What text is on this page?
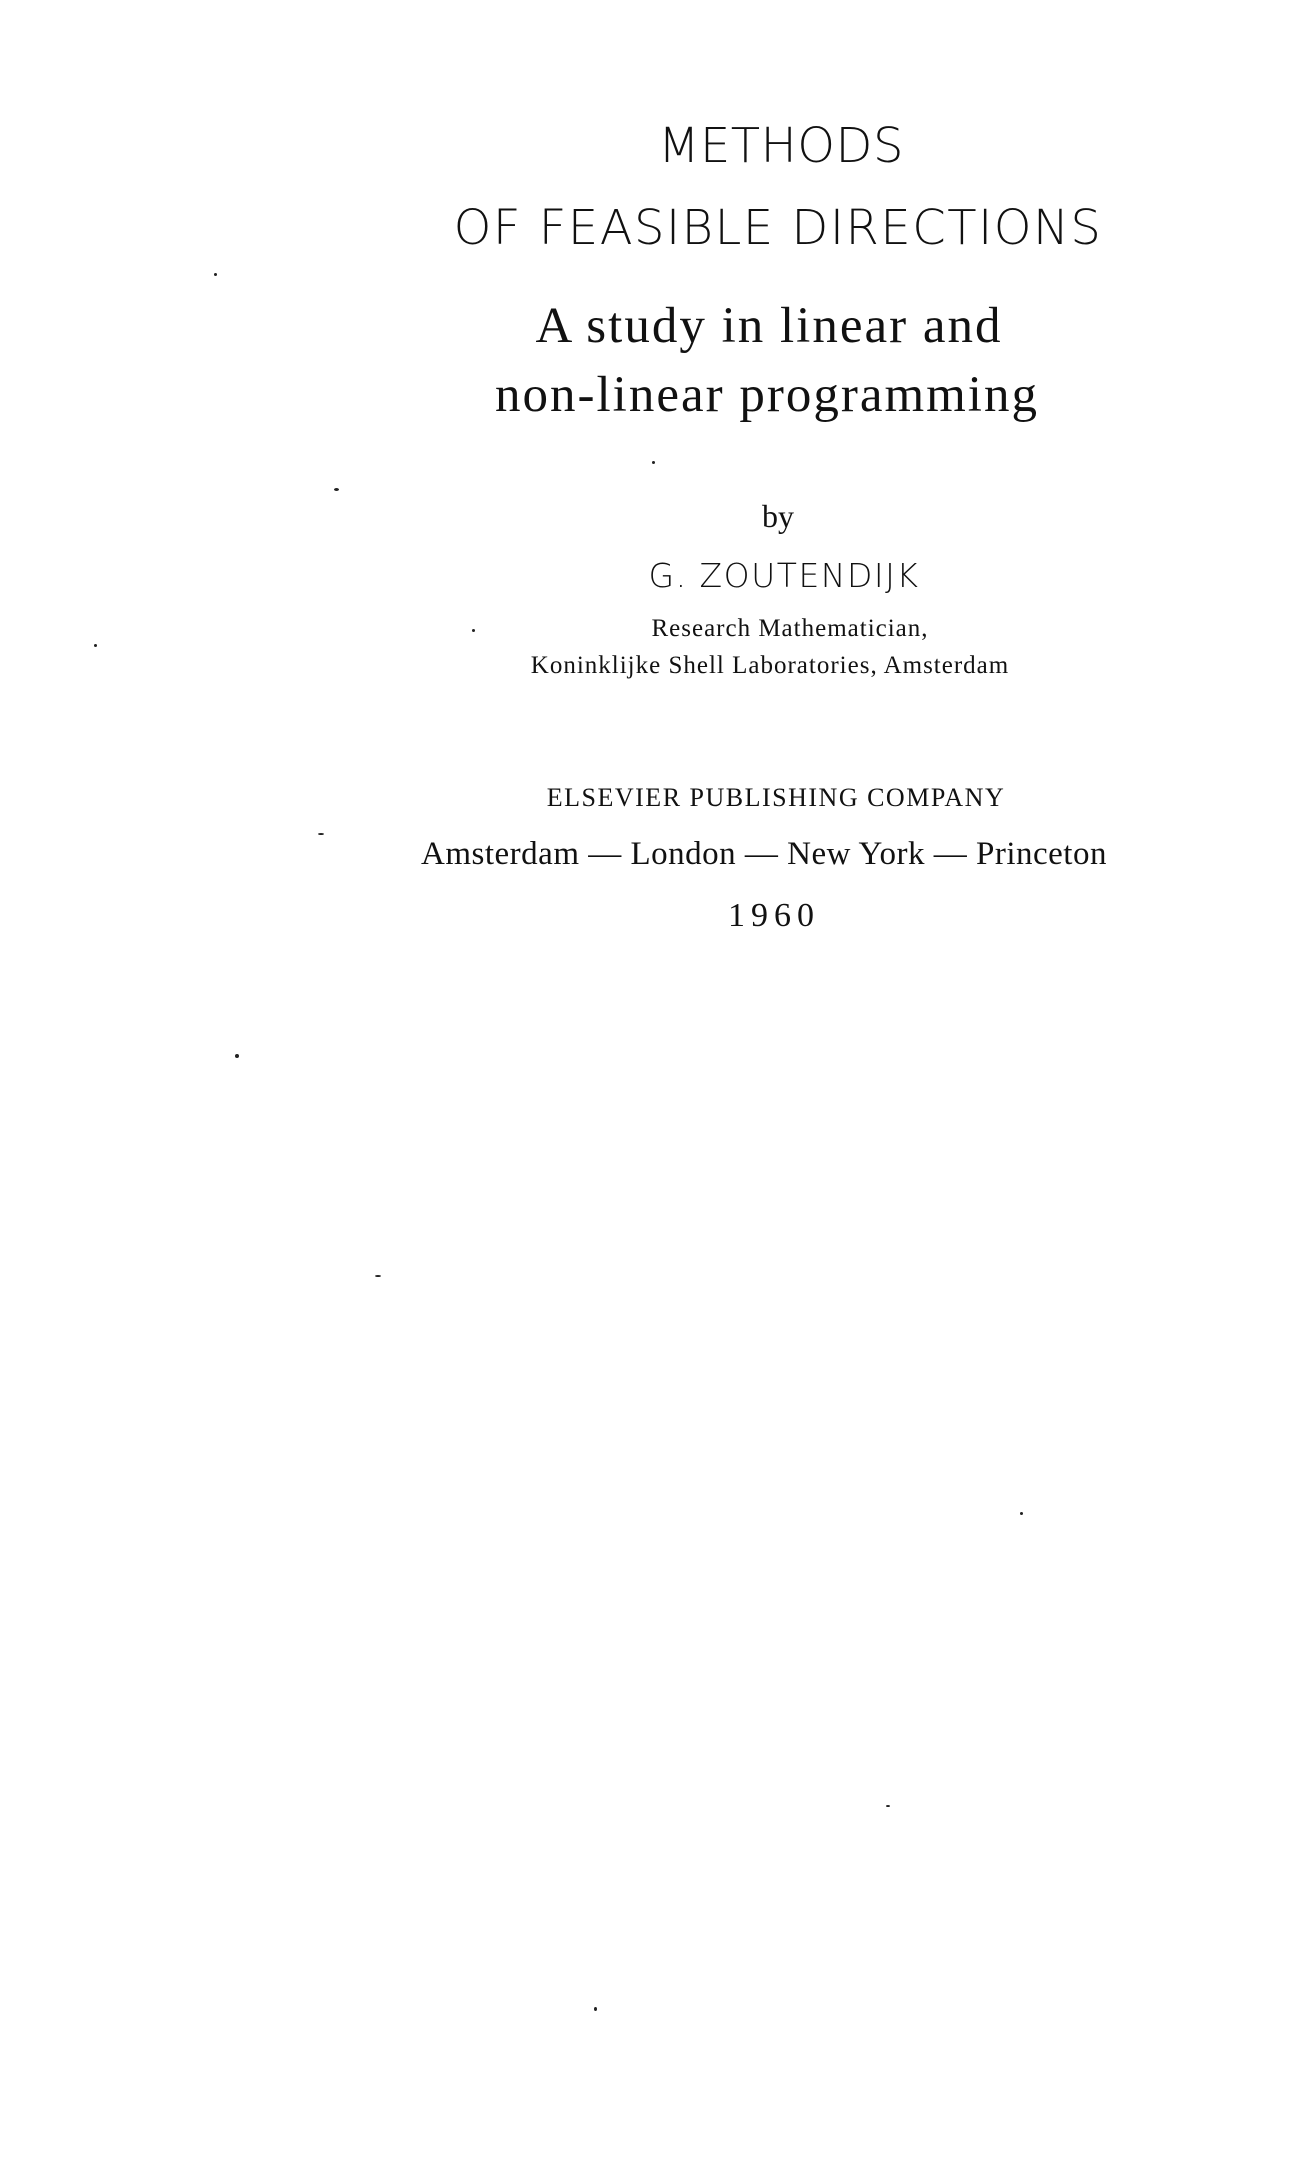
METHODS
OF FEASIBLE DIRECTIONS
A study in linear and
non-linear programming
by
G. ZOUTENDIJK
Research Mathematician,
Koninklijke Shell Laboratories, Amsterdam
ELSEVIER PUBLISHING COMPANY
Amsterdam — London — New York — Princeton
1960
